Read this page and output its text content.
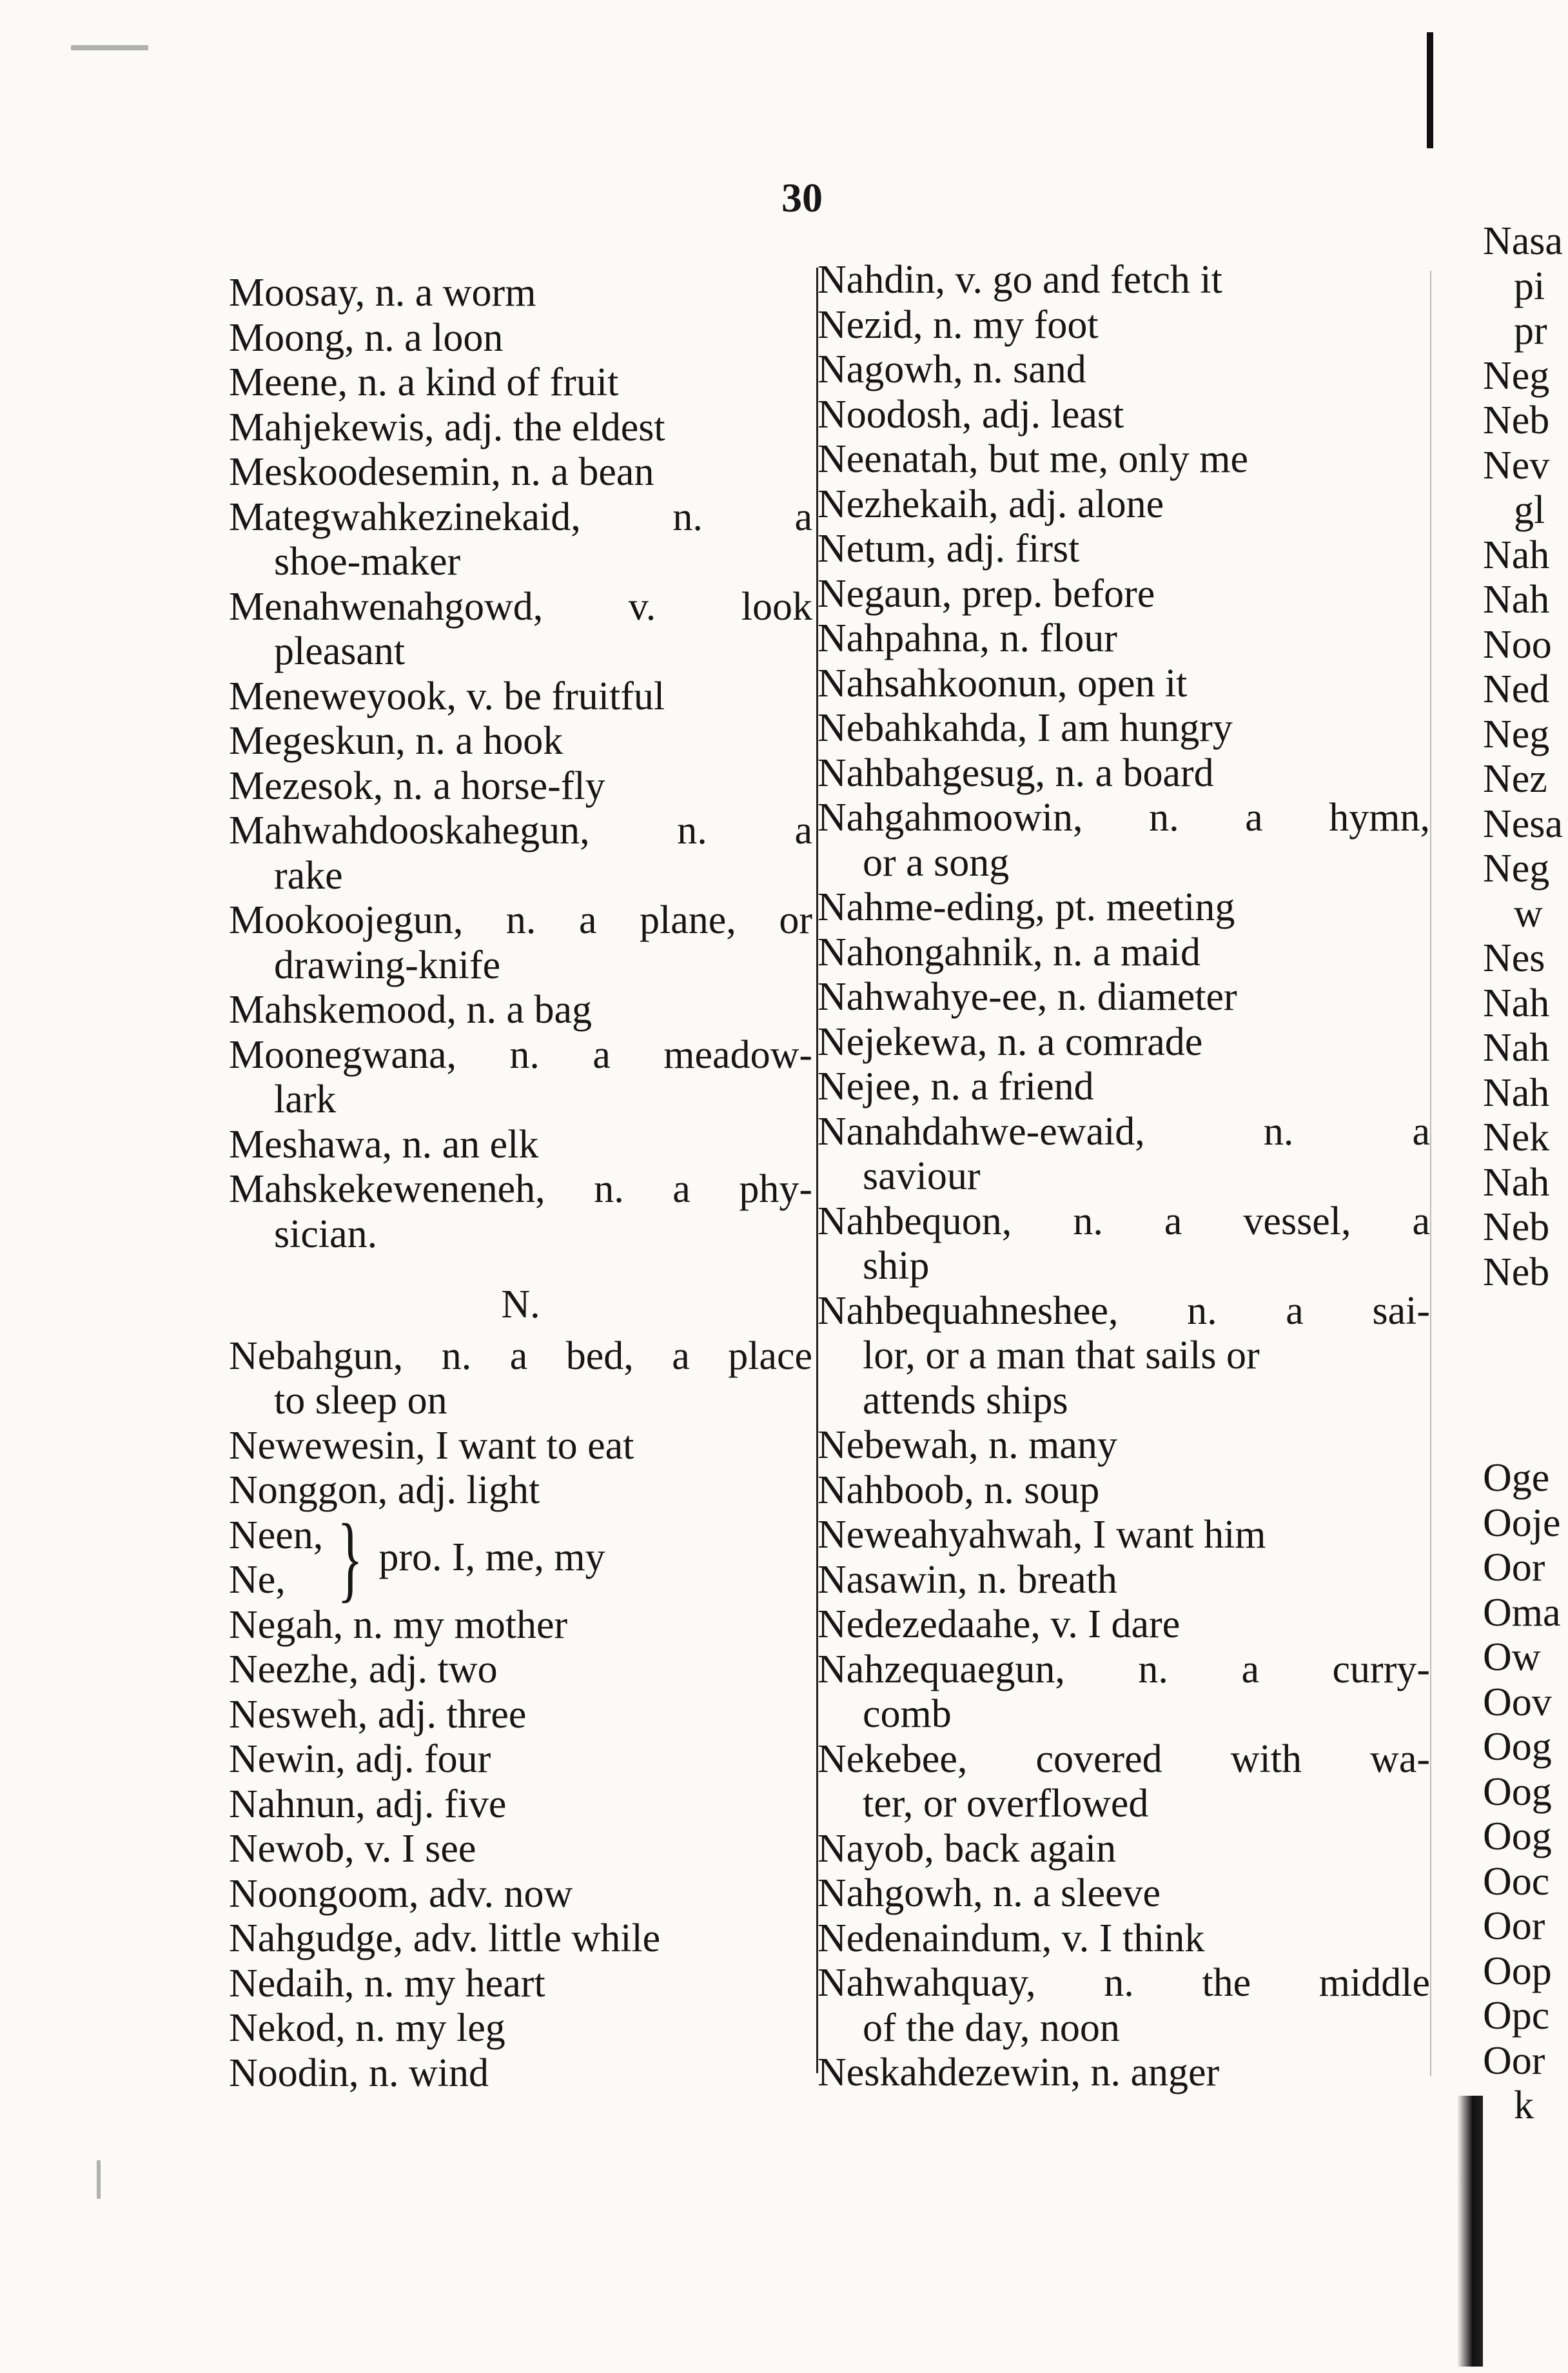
30
Moosay, n. a worm
Moong, n. a loon
Meene, n. a kind of fruit
Mahjekewis, adj. the eldest
Meskoodesemin, n. a bean
Mategwahkezinekaid, n. a
shoe-maker
Menahwenahgowd, v. look
pleasant
Meneweyook, v. be fruitful
Megeskun, n. a hook
Mezesok, n. a horse-fly
Mahwahdooskahegun, n. a
rake
Mookoojegun, n. a plane, or
drawing-knife
Mahskemood, n. a bag
Moonegwana, n. a meadow-
lark
Meshawa, n. an elk
Mahskekeweneneh, n. a phy-
sician.
N.
Nebahgun, n. a bed, a place
to sleep on
Newewesin, I want to eat
Nonggon, adj. light
Neen,
Ne, } pro. I, me, my
Negah, n. my mother
Neezhe, adj. two
Nesweh, adj. three
Newin, adj. four
Nahnun, adj. five
Newob, v. I see
Noongoom, adv. now
Nahgudge, adv. little while
Nedaih, n. my heart
Nekod, n. my leg
Noodin, n. wind
Nahdin, v. go and fetch it
Nezid, n. my foot
Nagowh, n. sand
Noodosh, adj. least
Neenatah, but me, only me
Nezhekaih, adj. alone
Netum, adj. first
Negaun, prep. before
Nahpahna, n. flour
Nahsahkoonun, open it
Nebahkahda, I am hungry
Nahbahgesug, n. a board
Nahgahmoowin, n. a hymn,
or a song
Nahme-eding, pt. meeting
Nahongahnik, n. a maid
Nahwahye-ee, n. diameter
Nejekewa, n. a comrade
Nejee, n. a friend
Nanahdahwe-ewaid, n. a
saviour
Nahbequon, n. a vessel, a
ship
Nahbequahneshee, n. a sai-
lor, or a man that sails or
attends ships
Nebewah, n. many
Nahboob, n. soup
Neweahyahwah, I want him
Nasawin, n. breath
Nedezedaahe, v. I dare
Nahzequaegun, n. a curry-
comb
Nekebee, covered with wa-
ter, or overflowed
Nayob, back again
Nahgowh, n. a sleeve
Nedenaindum, v. I think
Nahwahquay, n. the middle
of the day, noon
Neskahdezewin, n. anger
Nasa
pi
pr
Neg
Neb
Nev
gl
Nah
Nah
Noo
Ned
Neg
Nez
Nesa
Neg
w
Nes
Nah
Nah
Nah
Nek
Nah
Neb
Neb
Oge
Ooje
Oor
Oma
Ow
Oov
Oog
Oog
Oog
Ooc
Oor
Oop
Opc
Oor
k
